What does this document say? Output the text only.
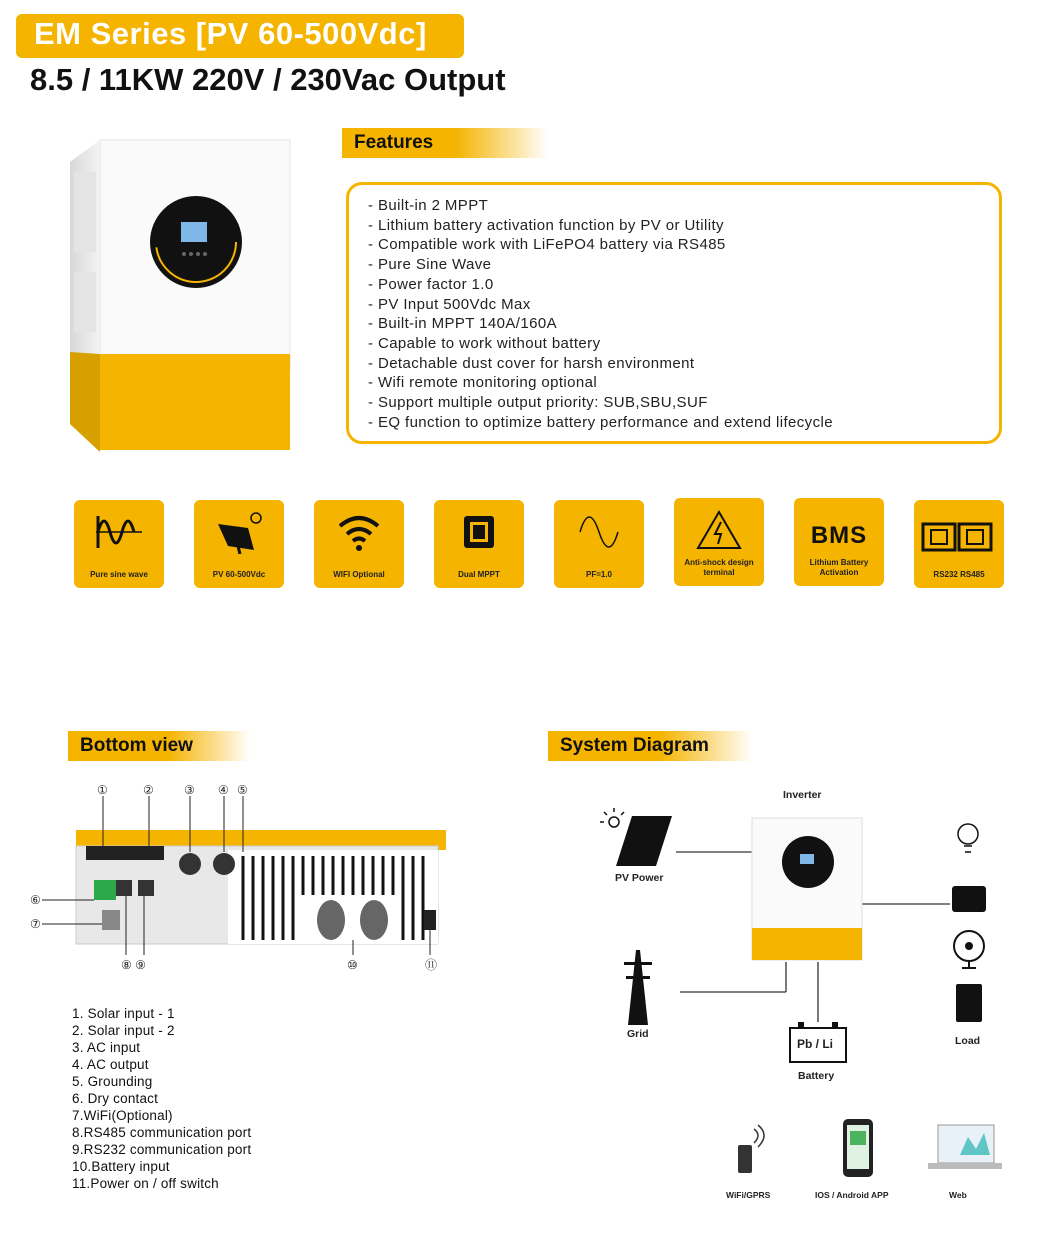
EM Series [PV 60-500Vdc]
8.5 / 11KW 220V / 230Vac Output
Features
- Built-in 2 MPPT
- Lithium battery activation function by PV or Utility
- Compatible work with LiFePO4 battery via RS485
- Pure Sine Wave
- Power factor 1.0
- PV Input 500Vdc Max
- Built-in MPPT 140A/160A
- Capable to work without battery
- Detachable dust cover for harsh environment
- Wifi remote monitoring optional
- Support multiple output priority: SUB,SBU,SUF
- EQ function to optimize battery performance and extend lifecycle
Pure sine wave	PV 60-500Vdc	WIFI Optional	Dual MPPT	PF=1.0
Anti-shock design terminal
BMS
Lithium Battery Activation	RS232 RS485
Bottom view
①	②	③ ④ ⑤
⑥
⑦
⑧ ⑨	⑩	⑪
1. Solar input - 1
2. Solar input - 2
3. AC input
4. AC output
5. Grounding
6. Dry contact
7.WiFi(Optional)
8.RS485 communication port
9.RS232 communication port
10.Battery input
11.Power on / off switch
System Diagram
Inverter
PV Power
Grid
Pb / Li
Battery
Load
WiFi/GPRS	IOS / Android APP	Web
